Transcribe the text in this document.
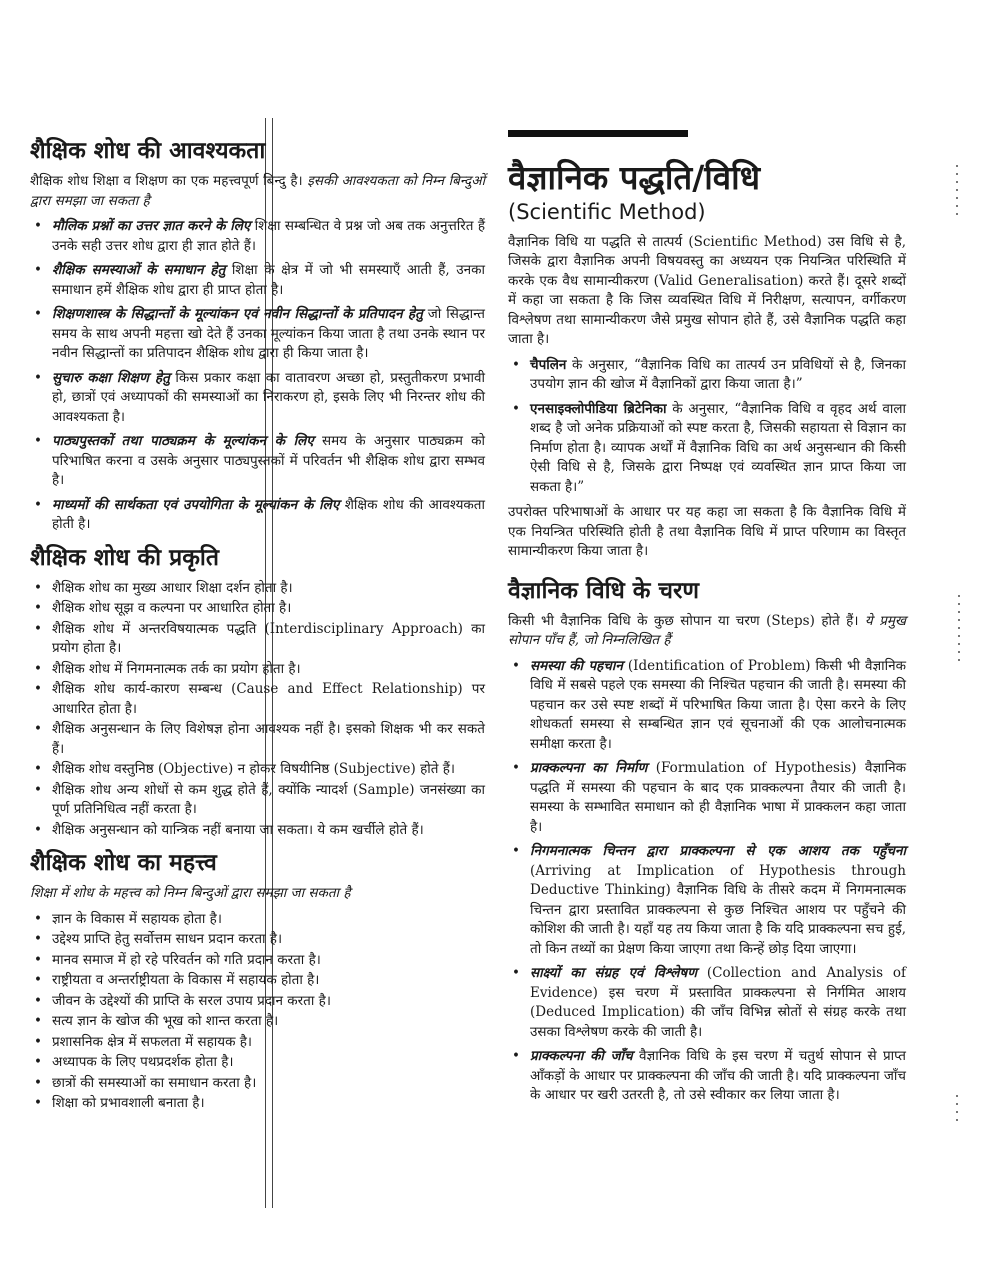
शैक्षिक शोध की आवश्यकता

शैक्षिक शोध शिक्षा व शिक्षण का एक महत्त्वपूर्ण बिन्दु है। इसकी आवश्यकता को निम्न बिन्दुओं द्वारा समझा जा सकता है

• मौलिक प्रश्नों का उत्तर ज्ञात करने के लिए शिक्षा सम्बन्धित वे प्रश्न जो अब तक अनुत्तरित हैं उनके सही उत्तर शोध द्वारा ही ज्ञात होते हैं।
• शैक्षिक समस्याओं के समाधान हेतु शिक्षा के क्षेत्र में जो भी समस्याएँ आती हैं, उनका समाधान हमें शैक्षिक शोध द्वारा ही प्राप्त होता है।
• शिक्षणशास्त्र के सिद्धान्तों के मूल्यांकन एवं नवीन सिद्धान्तों के प्रतिपादन हेतु जो सिद्धान्त समय के साथ अपनी महत्ता खो देते हैं उनका मूल्यांकन किया जाता है तथा उनके स्थान पर नवीन सिद्धान्तों का प्रतिपादन शैक्षिक शोध द्वारा ही किया जाता है।
• सुचारु कक्षा शिक्षण हेतु किस प्रकार कक्षा का वातावरण अच्छा हो, प्रस्तुतीकरण प्रभावी हो, छात्रों एवं अध्यापकों की समस्याओं का निराकरण हो, इसके लिए भी निरन्तर शोध की आवश्यकता है।
• पाठ्यपुस्तकों तथा पाठ्यक्रम के मूल्यांकन के लिए समय के अनुसार पाठ्यक्रम को परिभाषित करना व उसके अनुसार पाठ्यपुस्तकों में परिवर्तन भी शैक्षिक शोध द्वारा सम्भव है।
• माध्यमों की सार्थकता एवं उपयोगिता के मूल्यांकन के लिए शैक्षिक शोध की आवश्यकता होती है।
शैक्षिक शोध की प्रकृति
• शैक्षिक शोध का मुख्य आधार शिक्षा दर्शन होता है।
• शैक्षिक शोध सूझ व कल्पना पर आधारित होता है।
• शैक्षिक शोध में अन्तरविषयात्मक पद्धति (Interdisciplinary Approach) का प्रयोग होता है।
• शैक्षिक शोध में निगमनात्मक तर्क का प्रयोग होता है।
• शैक्षिक शोध कार्य-कारण सम्बन्ध (Cause and Effect Relationship) पर आधारित होता है।
• शैक्षिक अनुसन्धान के लिए विशेषज्ञ होना आवश्यक नहीं है। इसको शिक्षक भी कर सकते हैं।
• शैक्षिक शोध वस्तुनिष्ठ (Objective) न होकर विषयीनिष्ठ (Subjective) होते हैं।
• शैक्षिक शोध अन्य शोधों से कम शुद्ध होते हैं, क्योंकि न्यादर्श (Sample) जनसंख्या का पूर्ण प्रतिनिधित्व नहीं करता है।
• शैक्षिक अनुसन्धान को यान्त्रिक नहीं बनाया जा सकता। ये कम खर्चीले होते हैं।
शैक्षिक शोध का महत्त्व

शिक्षा में शोध के महत्त्व को निम्न बिन्दुओं द्वारा समझा जा सकता है

• ज्ञान के विकास में सहायक होता है।
• उद्देश्य प्राप्ति हेतु सर्वोत्तम साधन प्रदान करता है।
• मानव समाज में हो रहे परिवर्तन को गति प्रदान करता है।
• राष्ट्रीयता व अन्तर्राष्ट्रीयता के विकास में सहायक होता है।
• जीवन के उद्देश्यों की प्राप्ति के सरल उपाय प्रदान करता है।
• सत्य ज्ञान के खोज की भूख को शान्त करता है।
• प्रशासनिक क्षेत्र में सफलता में सहायक है।
• अध्यापक के लिए पथप्रदर्शक होता है।
• छात्रों की समस्याओं का समाधान करता है।
• शिक्षा को प्रभावशाली बनाता है।
वैज्ञानिक पद्धति/विधि
(Scientific Method)

वैज्ञानिक विधि या पद्धति से तात्पर्य (Scientific Method) उस विधि से है, जिसके द्वारा वैज्ञानिक अपनी विषयवस्तु का अध्ययन एक नियन्त्रित परिस्थिति में करके एक वैध सामान्यीकरण (Valid Generalisation) करते हैं। दूसरे शब्दों में कहा जा सकता है कि जिस व्यवस्थित विधि में निरीक्षण, सत्यापन, वर्गीकरण विश्लेषण तथा सामान्यीकरण जैसे प्रमुख सोपान होते हैं, उसे वैज्ञानिक पद्धति कहा जाता है।

• चैपलिन के अनुसार, “वैज्ञानिक विधि का तात्पर्य उन प्रविधियों से है, जिनका उपयोग ज्ञान की खोज में वैज्ञानिकों द्वारा किया जाता है।”
• एनसाइक्लोपीडिया ब्रिटेनिका के अनुसार, “वैज्ञानिक विधि व वृहद अर्थ वाला शब्द है जो अनेक प्रक्रियाओं को स्पष्ट करता है, जिसकी सहायता से विज्ञान का निर्माण होता है। व्यापक अर्थों में वैज्ञानिक विधि का अर्थ अनुसन्धान की किसी ऐसी विधि से है, जिसके द्वारा निष्पक्ष एवं व्यवस्थित ज्ञान प्राप्त किया जा सकता है।”

उपरोक्त परिभाषाओं के आधार पर यह कहा जा सकता है कि वैज्ञानिक विधि में एक नियन्त्रित परिस्थिति होती है तथा वैज्ञानिक विधि में प्राप्त परिणाम का विस्तृत सामान्यीकरण किया जाता है।

वैज्ञानिक विधि के चरण

किसी भी वैज्ञानिक विधि के कुछ सोपान या चरण (Steps) होते हैं। ये प्रमुख सोपान पाँच हैं, जो निम्नलिखित हैं

• समस्या की पहचान (Identification of Problem) किसी भी वैज्ञानिक विधि में सबसे पहले एक समस्या की निश्चित पहचान की जाती है। समस्या की पहचान कर उसे स्पष्ट शब्दों में परिभाषित किया जाता है। ऐसा करने के लिए शोधकर्ता समस्या से सम्बन्धित ज्ञान एवं सूचनाओं की एक आलोचनात्मक समीक्षा करता है।
• प्राक्कल्पना का निर्माण (Formulation of Hypothesis) वैज्ञानिक पद्धति में समस्या की पहचान के बाद एक प्राक्कल्पना तैयार की जाती है। समस्या के सम्भावित समाधान को ही वैज्ञानिक भाषा में प्राक्कलन कहा जाता है।
• निगमनात्मक चिन्तन द्वारा प्राक्कल्पना से एक आशय तक पहुँचना (Arriving at Implication of Hypothesis through Deductive Thinking) वैज्ञानिक विधि के तीसरे कदम में निगमनात्मक चिन्तन द्वारा प्रस्तावित प्राक्कल्पना से कुछ निश्चित आशय पर पहुँचने की कोशिश की जाती है। यहाँ यह तय किया जाता है कि यदि प्राक्कल्पना सच हुई, तो किन तथ्यों का प्रेक्षण किया जाएगा तथा किन्हें छोड़ दिया जाएगा।
• साक्ष्यों का संग्रह एवं विश्लेषण (Collection and Analysis of Evidence) इस चरण में प्रस्तावित प्राक्कल्पना से निर्गमित आशय (Deduced Implication) की जाँच विभिन्न स्रोतों से संग्रह करके तथा उसका विश्लेषण करके की जाती है।
• प्राक्कल्पना की जाँच वैज्ञानिक विधि के इस चरण में चतुर्थ सोपान से प्राप्त आँकड़ों के आधार पर प्राक्कल्पना की जाँच की जाती है। यदि प्राक्कल्पना जाँच के आधार पर खरी उतरती है, तो उसे स्वीकार कर लिया जाता है।
